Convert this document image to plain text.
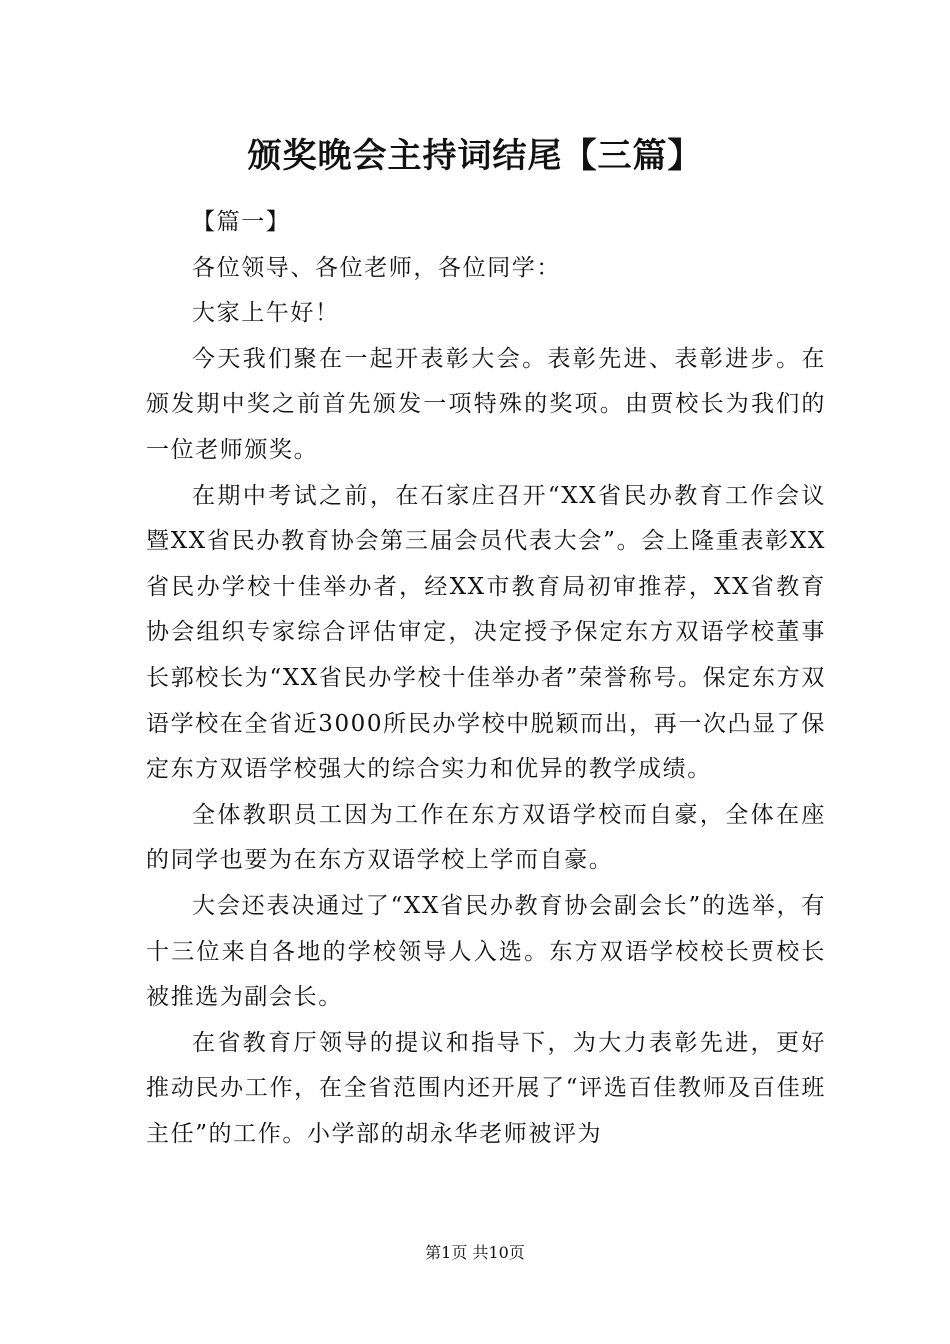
颁奖晚会主持词结尾【三篇】

【篇一】

各位领导、各位老师，各位同学：

大家上午好！

今天我们聚在一起开表彰大会。表彰先进、表彰进步。在颁发期中奖之前首先颁发一项特殊的奖项。由贾校长为我们的一位老师颁奖。

在期中考试之前，在石家庄召开“XX省民办教育工作会议暨XX省民办教育协会第三届会员代表大会”。会上隆重表彰XX省民办学校十佳举办者，经XX市教育局初审推荐，XX省教育协会组织专家综合评估审定，决定授予保定东方双语学校董事长郭校长为“XX省民办学校十佳举办者”荣誉称号。保定东方双语学校在全省近3000所民办学校中脱颖而出，再一次凸显了保定东方双语学校强大的综合实力和优异的教学成绩。

全体教职员工因为工作在东方双语学校而自豪，全体在座的同学也要为在东方双语学校上学而自豪。

大会还表决通过了“XX省民办教育协会副会长”的选举，有十三位来自各地的学校领导人入选。东方双语学校校长贾校长被推选为副会长。

在省教育厅领导的提议和指导下，为大力表彰先进，更好推动民办工作，在全省范围内还开展了“评选百佳教师及百佳班主任”的工作。小学部的胡永华老师被评为

第1页 共10页
